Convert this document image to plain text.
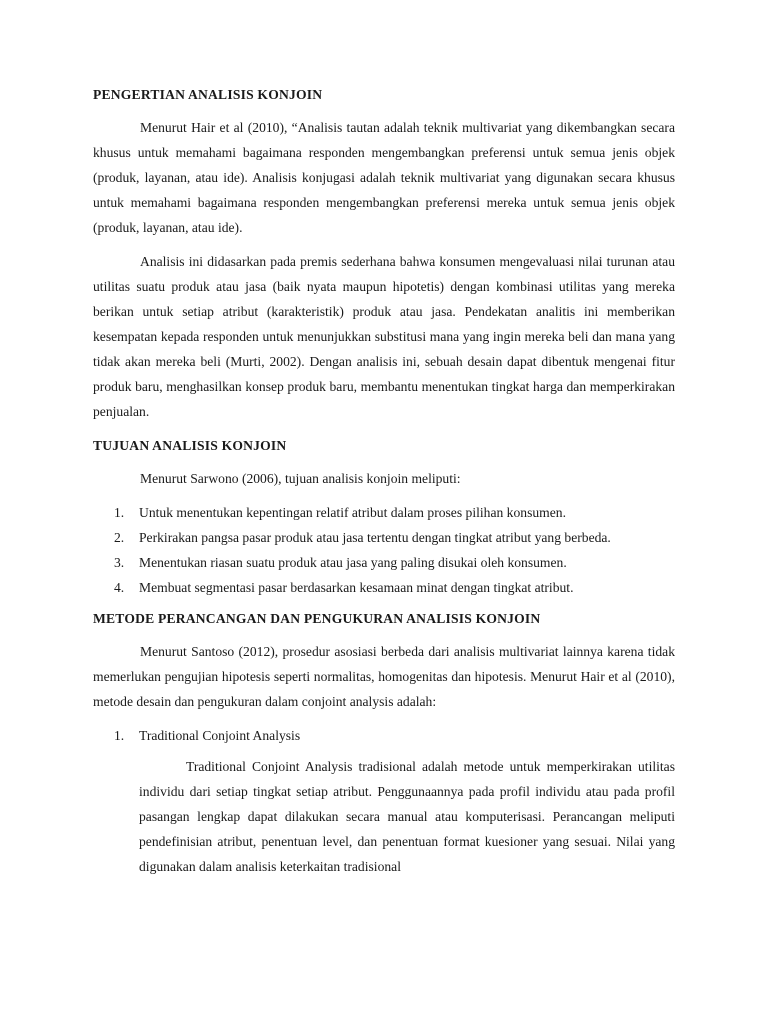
PENGERTIAN ANALISIS KONJOIN

Menurut Hair et al (2010), “Analisis tautan adalah teknik multivariat yang dikembangkan secara khusus untuk memahami bagaimana responden mengembangkan preferensi untuk semua jenis objek (produk, layanan, atau ide). Analisis konjugasi adalah teknik multivariat yang digunakan secara khusus untuk memahami bagaimana responden mengembangkan preferensi mereka untuk semua jenis objek (produk, layanan, atau ide).

Analisis ini didasarkan pada premis sederhana bahwa konsumen mengevaluasi nilai turunan atau utilitas suatu produk atau jasa (baik nyata maupun hipotetis) dengan kombinasi utilitas yang mereka berikan untuk setiap atribut (karakteristik) produk atau jasa. Pendekatan analitis ini memberikan kesempatan kepada responden untuk menunjukkan substitusi mana yang ingin mereka beli dan mana yang tidak akan mereka beli (Murti, 2002). Dengan analisis ini, sebuah desain dapat dibentuk mengenai fitur produk baru, menghasilkan konsep produk baru, membantu menentukan tingkat harga dan memperkirakan penjualan.

TUJUAN ANALISIS KONJOIN

Menurut Sarwono (2006), tujuan analisis konjoin meliputi:

1. Untuk menentukan kepentingan relatif atribut dalam proses pilihan konsumen.
2. Perkirakan pangsa pasar produk atau jasa tertentu dengan tingkat atribut yang berbeda.
3. Menentukan riasan suatu produk atau jasa yang paling disukai oleh konsumen.
4. Membuat segmentasi pasar berdasarkan kesamaan minat dengan tingkat atribut.
METODE PERANCANGAN DAN PENGUKURAN ANALISIS KONJOIN

Menurut Santoso (2012), prosedur asosiasi berbeda dari analisis multivariat lainnya karena tidak memerlukan pengujian hipotesis seperti normalitas, homogenitas dan hipotesis. Menurut Hair et al (2010), metode desain dan pengukuran dalam conjoint analysis adalah:

1. Traditional Conjoint Analysis

Traditional Conjoint Analysis tradisional adalah metode untuk memperkirakan utilitas individu dari setiap tingkat setiap atribut. Penggunaannya pada profil individu atau pada profil pasangan lengkap dapat dilakukan secara manual atau komputerisasi. Perancangan meliputi pendefinisian atribut, penentuan level, dan penentuan format kuesioner yang sesuai. Nilai yang digunakan dalam analisis keterkaitan tradisional
